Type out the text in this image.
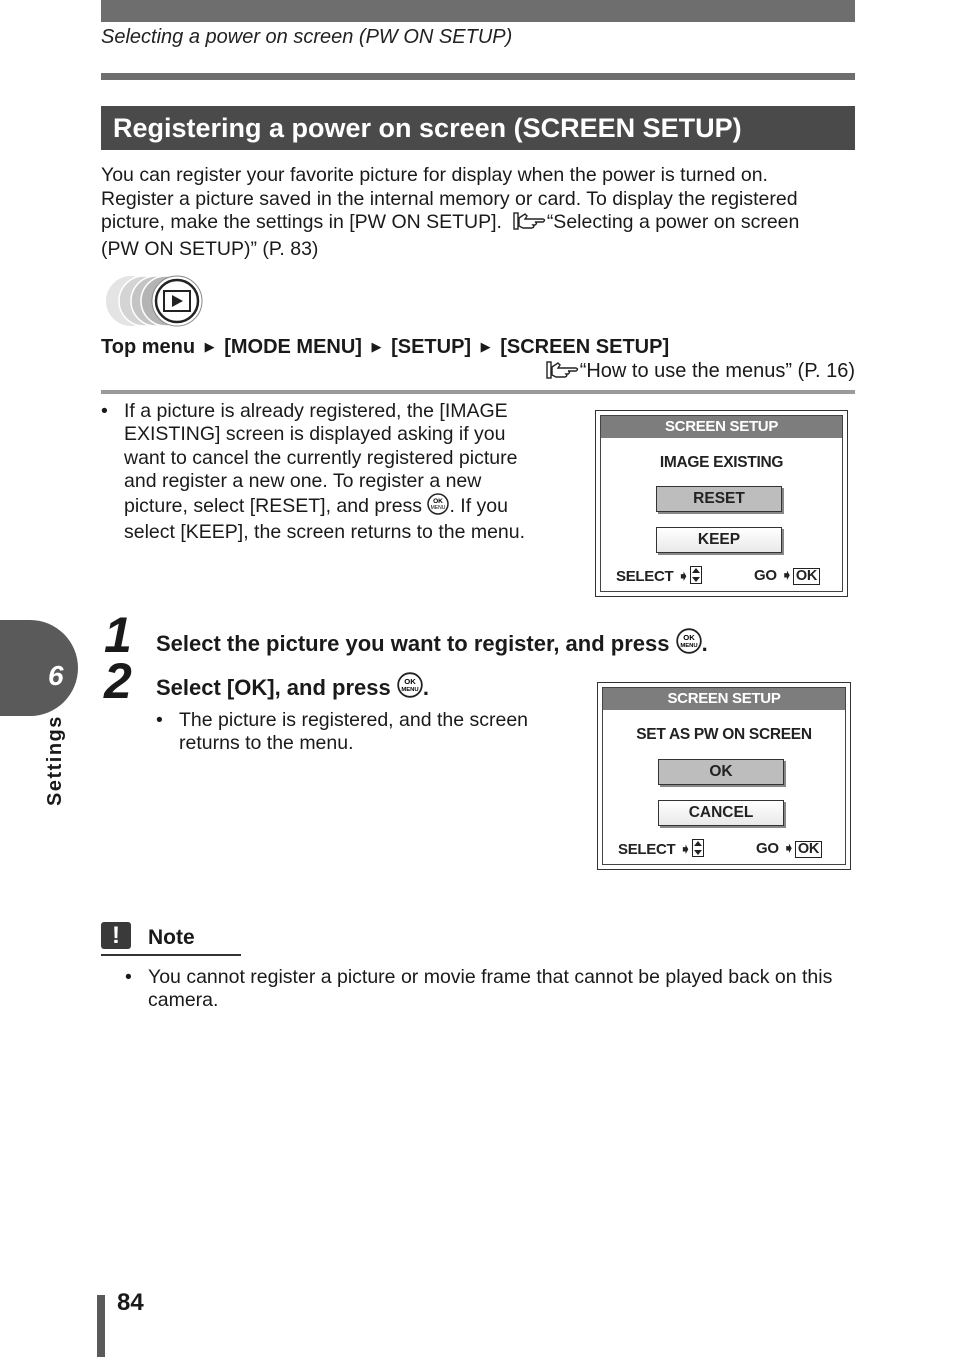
Selecting a power on screen (PW ON SETUP)
Registering a power on screen (SCREEN SETUP)

You can register your favorite picture for display when the power is turned on.
Register a picture saved in the internal memory or card. To display the registered
picture, make the settings in [PW ON SETUP]. “Selecting a power on screen
(PW ON SETUP)” (P. 83)

Top menu ▶ [MODE MENU] ▶ [SETUP] ▶ [SCREEN SETUP]
“How to use the menus” (P. 16)
• If a picture is already registered, the [IMAGE
EXISTING] screen is displayed asking if you
want to cancel the currently registered picture
and register a new one. To register a new
picture, select [RESET], and press OK
MENU . If you
select [KEEP], the screen returns to the menu.
SCREEN SETUP
IMAGE EXISTING
RESET
KEEP
SELECT ➧	GO ➧ OK
1 Select the picture you want to register, and press OK
MENU .
2 Select [OK], and press OK
MENU .
• The picture is registered, and the screen
returns to the menu.
SCREEN SETUP
SET AS PW ON SCREEN
OK
CANCEL
SELECT ➧	GO ➧ OK
!	Note
• You cannot register a picture or movie frame that cannot be played back on this
camera.
6
Settings
84
